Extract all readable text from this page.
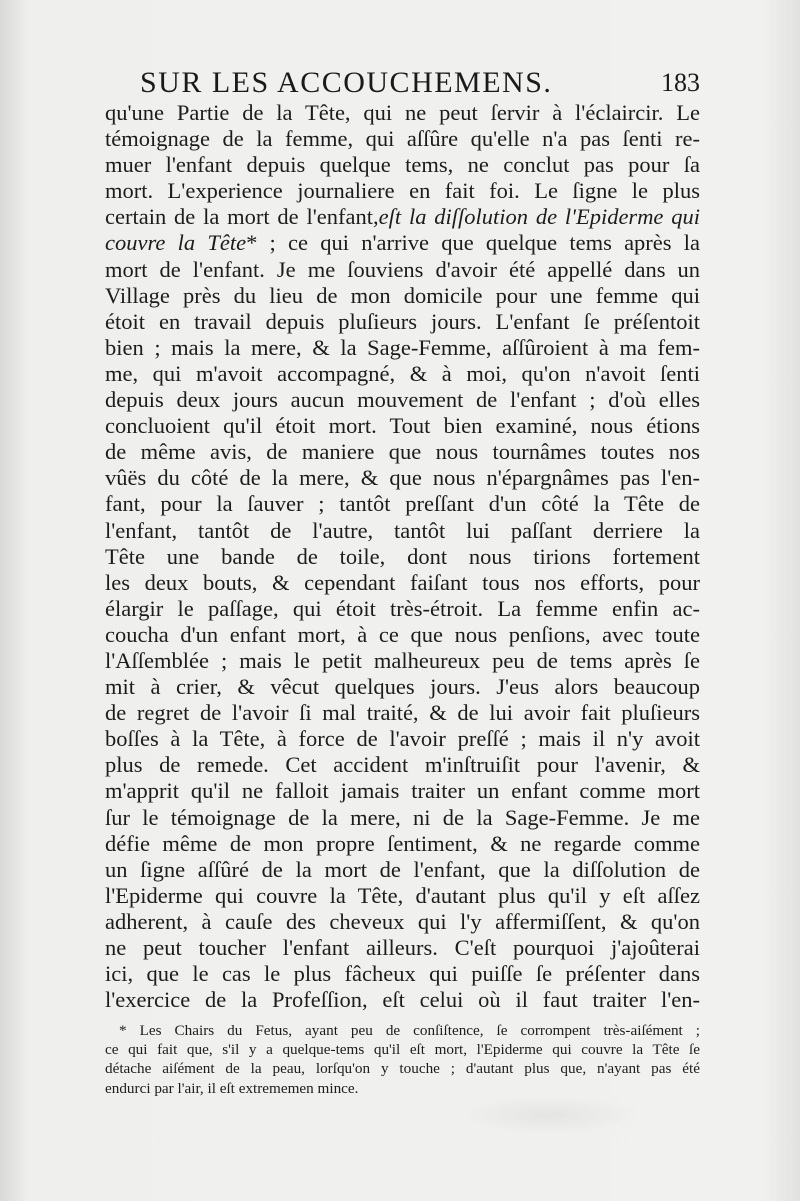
SUR LES ACCOUCHEMENS.	183
qu'une Partie de la Tête, qui ne peut ſervir à l'éclaircir. Le
témoignage de la femme, qui aſſûre qu'elle n'a pas ſenti re-
muer l'enfant depuis quelque tems, ne conclut pas pour ſa
mort. L'experience journaliere en fait foi. Le ſigne le plus
certain de la mort de l'enfant,eſt la diſſolution de l'Epiderme qui
couvre la Tête* ; ce qui n'arrive que quelque tems après la
mort de l'enfant. Je me ſouviens d'avoir été appellé dans un
Village près du lieu de mon domicile pour une femme qui
étoit en travail depuis pluſieurs jours. L'enfant ſe préſentoit
bien ; mais la mere, & la Sage-Femme, aſſûroient à ma fem-
me, qui m'avoit accompagné, & à moi, qu'on n'avoit ſenti
depuis deux jours aucun mouvement de l'enfant ; d'où elles
concluoient qu'il étoit mort. Tout bien examiné, nous étions
de même avis, de maniere que nous tournâmes toutes nos
vûës du côté de la mere, & que nous n'épargnâmes pas l'en-
fant, pour la ſauver ; tantôt preſſant d'un côté la Tête de
l'enfant, tantôt de l'autre, tantôt lui paſſant derriere la
Tête une bande de toile, dont nous tirions fortement
les deux bouts, & cependant faiſant tous nos efforts, pour
élargir le paſſage, qui étoit très-étroit. La femme enfin ac-
coucha d'un enfant mort, à ce que nous penſions, avec toute
l'Aſſemblée ; mais le petit malheureux peu de tems après ſe
mit à crier, & vêcut quelques jours. J'eus alors beaucoup
de regret de l'avoir ſi mal traité, & de lui avoir fait pluſieurs
boſſes à la Tête, à force de l'avoir preſſé ; mais il n'y avoit
plus de remede. Cet accident m'inſtruiſit pour l'avenir, &
m'apprit qu'il ne falloit jamais traiter un enfant comme mort
ſur le témoignage de la mere, ni de la Sage-Femme. Je me
défie même de mon propre ſentiment, & ne regarde comme
un ſigne aſſûré de la mort de l'enfant, que la diſſolution de
l'Epiderme qui couvre la Tête, d'autant plus qu'il y eſt aſſez
adherent, à cauſe des cheveux qui l'y affermiſſent, & qu'on
ne peut toucher l'enfant ailleurs. C'eſt pourquoi j'ajoûterai
ici, que le cas le plus fâcheux qui puiſſe ſe préſenter dans
l'exercice de la Profeſſion, eſt celui où il faut traiter l'en-
* Les Chairs du Fetus, ayant peu de conſiſtence, ſe corrompent très-aiſément ;
ce qui fait que, s'il y a quelque-tems qu'il eſt mort, l'Epiderme qui couvre la Tête ſe
détache aiſément de la peau, lorſqu'on y touche ; d'autant plus que, n'ayant pas été
endurci par l'air, il eſt extrememen mince.
